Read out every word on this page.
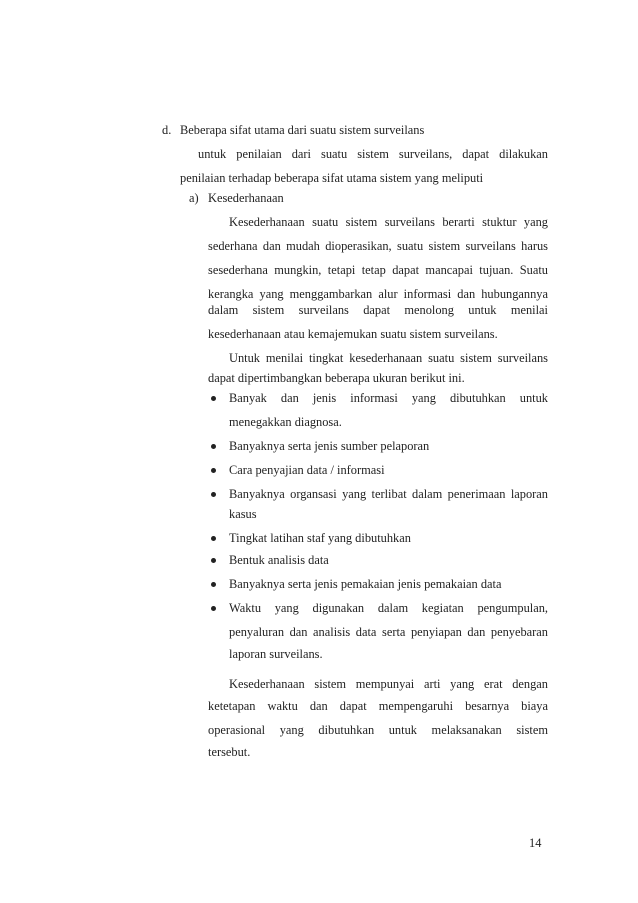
d. Beberapa sifat utama dari suatu sistem surveilans
untuk penilaian dari suatu sistem surveilans, dapat dilakukan
penilaian terhadap beberapa sifat utama sistem yang meliputi
a) Kesederhanaan
Kesederhanaan suatu sistem surveilans berarti stuktur yang
sederhana dan mudah dioperasikan, suatu sistem surveilans harus
sesederhana mungkin, tetapi tetap dapat mancapai tujuan. Suatu
kerangka yang menggambarkan alur informasi dan hubungannya
dalam sistem surveilans dapat menolong untuk menilai
kesederhanaan atau kemajemukan suatu sistem surveilans.
Untuk menilai tingkat kesederhanaan suatu sistem surveilans
dapat dipertimbangkan beberapa ukuran berikut ini.
Banyak dan jenis informasi yang dibutuhkan untuk
menegakkan diagnosa.
Banyaknya serta jenis sumber pelaporan
Cara penyajian data / informasi
Banyaknya organsasi yang terlibat dalam penerimaan laporan
kasus
Tingkat latihan staf yang dibutuhkan
Bentuk analisis data
Banyaknya serta jenis pemakaian jenis pemakaian data
Waktu yang digunakan dalam kegiatan pengumpulan,
penyaluran dan analisis data serta penyiapan dan penyebaran
laporan surveilans.
Kesederhanaan sistem mempunyai arti yang erat dengan
ketetapan waktu dan dapat mempengaruhi besarnya biaya
operasional yang dibutuhkan untuk melaksanakan sistem
tersebut.
14
